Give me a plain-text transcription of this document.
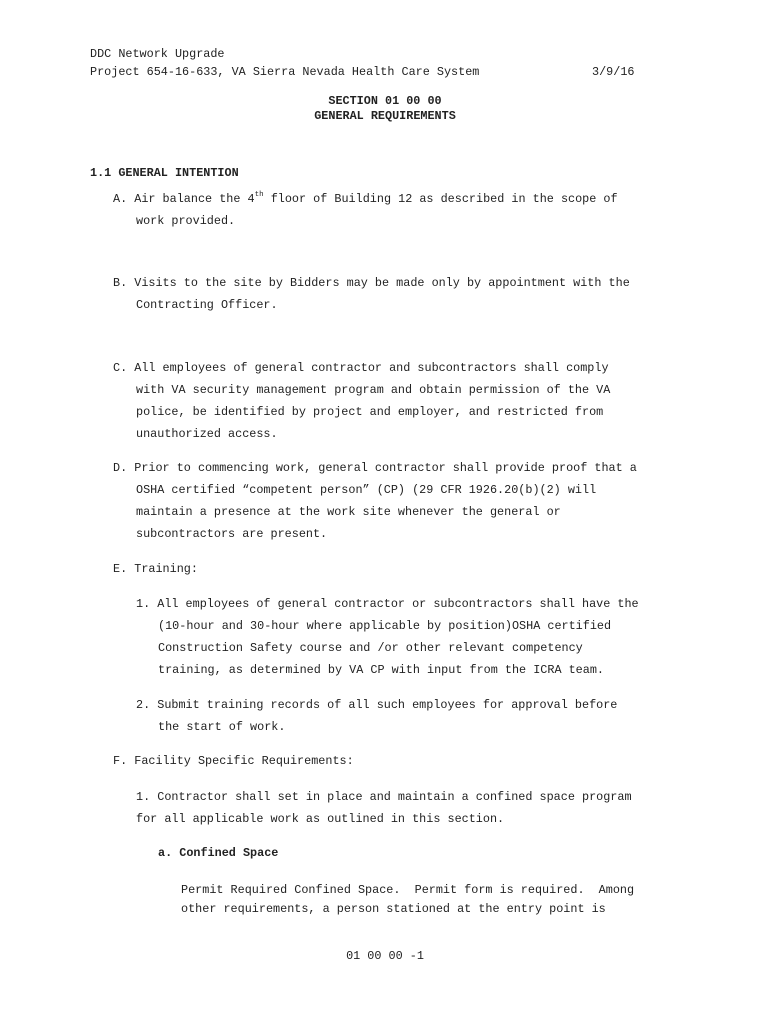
DDC Network Upgrade
Project 654-16-633, VA Sierra Nevada Health Care System	3/9/16
SECTION 01 00 00
GENERAL REQUIREMENTS
1.1 GENERAL INTENTION
A. Air balance the 4th floor of Building 12 as described in the scope of
work provided.
B. Visits to the site by Bidders may be made only by appointment with the
Contracting Officer.
C. All employees of general contractor and subcontractors shall comply
with VA security management program and obtain permission of the VA
police, be identified by project and employer, and restricted from
unauthorized access.
D. Prior to commencing work, general contractor shall provide proof that a
OSHA certified “competent person” (CP) (29 CFR 1926.20(b)(2) will
maintain a presence at the work site whenever the general or
subcontractors are present.
E. Training:
1. All employees of general contractor or subcontractors shall have the
(10-hour and 30-hour where applicable by position)OSHA certified
Construction Safety course and /or other relevant competency
training, as determined by VA CP with input from the ICRA team.
2. Submit training records of all such employees for approval before
the start of work.
F. Facility Specific Requirements:
1. Contractor shall set in place and maintain a confined space program
for all applicable work as outlined in this section.
a. Confined Space
Permit Required Confined Space.  Permit form is required.  Among
other requirements, a person stationed at the entry point is
01 00 00 -1
